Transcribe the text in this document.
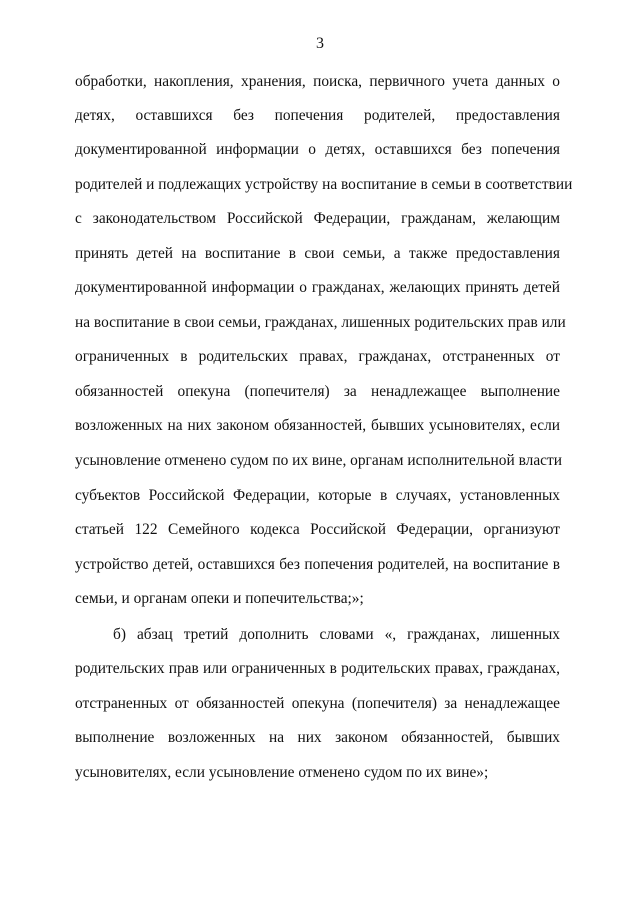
3
обработки, накопления, хранения, поиска, первичного учета данных о
детях, оставшихся без попечения родителей, предоставления
документированной информации о детях, оставшихся без попечения
родителей и подлежащих устройству на воспитание в семьи в соответствии
с законодательством Российской Федерации, гражданам, желающим
принять детей на воспитание в свои семьи, а также предоставления
документированной информации о гражданах, желающих принять детей
на воспитание в свои семьи, гражданах, лишенных родительских прав или
ограниченных в родительских правах, гражданах, отстраненных от
обязанностей опекуна (попечителя) за ненадлежащее выполнение
возложенных на них законом обязанностей, бывших усыновителях, если
усыновление отменено судом по их вине, органам исполнительной власти
субъектов Российской Федерации, которые в случаях, установленных
статьей 122 Семейного кодекса Российской Федерации, организуют
устройство детей, оставшихся без попечения родителей, на воспитание в
семьи, и органам опеки и попечительства;»;
б) абзац третий дополнить словами «, гражданах, лишенных
родительских прав или ограниченных в родительских правах, гражданах,
отстраненных от обязанностей опекуна (попечителя) за ненадлежащее
выполнение возложенных на них законом обязанностей, бывших
усыновителях, если усыновление отменено судом по их вине»;
